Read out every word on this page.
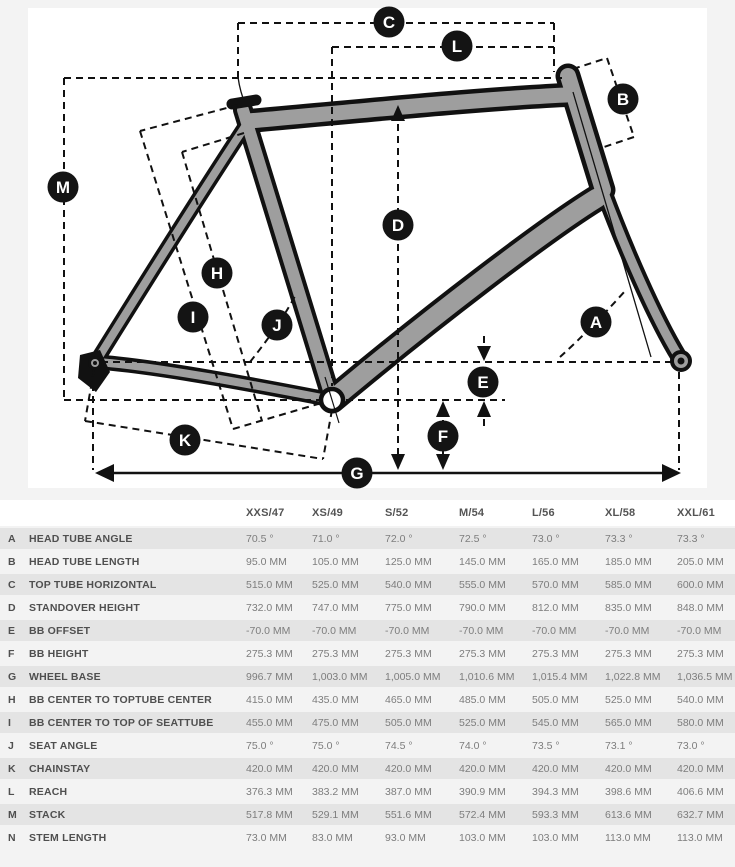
A
B
C
D
E
F
G
H
I	J
K
L
M
XXS/47	XS/49	S/52	M/54	L/56	XL/58	XXL/61
A	HEAD TUBE ANGLE	70.5 °	71.0 °	72.0 °	72.5 °	73.0 °	73.3 °	73.3 °
B	HEAD TUBE LENGTH	95.0 MM	105.0 MM	125.0 MM	145.0 MM	165.0 MM	185.0 MM	205.0 MM
C	TOP TUBE HORIZONTAL	515.0 MM	525.0 MM	540.0 MM	555.0 MM	570.0 MM	585.0 MM	600.0 MM
D	STANDOVER HEIGHT	732.0 MM	747.0 MM	775.0 MM	790.0 MM	812.0 MM	835.0 MM	848.0 MM
E	BB OFFSET	-70.0 MM	-70.0 MM	-70.0 MM	-70.0 MM	-70.0 MM	-70.0 MM	-70.0 MM
F	BB HEIGHT	275.3 MM	275.3 MM	275.3 MM	275.3 MM	275.3 MM	275.3 MM	275.3 MM
G	WHEEL BASE	996.7 MM	1,003.0 MM	1,005.0 MM	1,010.6 MM	1,015.4 MM	1,022.8 MM	1,036.5 MM
H	BB CENTER TO TOPTUBE CENTER	415.0 MM	435.0 MM	465.0 MM	485.0 MM	505.0 MM	525.0 MM	540.0 MM
I	BB CENTER TO TOP OF SEATTUBE	455.0 MM	475.0 MM	505.0 MM	525.0 MM	545.0 MM	565.0 MM	580.0 MM
J	SEAT ANGLE	75.0 °	75.0 °	74.5 °	74.0 °	73.5 °	73.1 °	73.0 °
K	CHAINSTAY	420.0 MM	420.0 MM	420.0 MM	420.0 MM	420.0 MM	420.0 MM	420.0 MM
L	REACH	376.3 MM	383.2 MM	387.0 MM	390.9 MM	394.3 MM	398.6 MM	406.6 MM
M	STACK	517.8 MM	529.1 MM	551.6 MM	572.4 MM	593.3 MM	613.6 MM	632.7 MM
N	STEM LENGTH	73.0 MM	83.0 MM	93.0 MM	103.0 MM	103.0 MM	113.0 MM	113.0 MM
